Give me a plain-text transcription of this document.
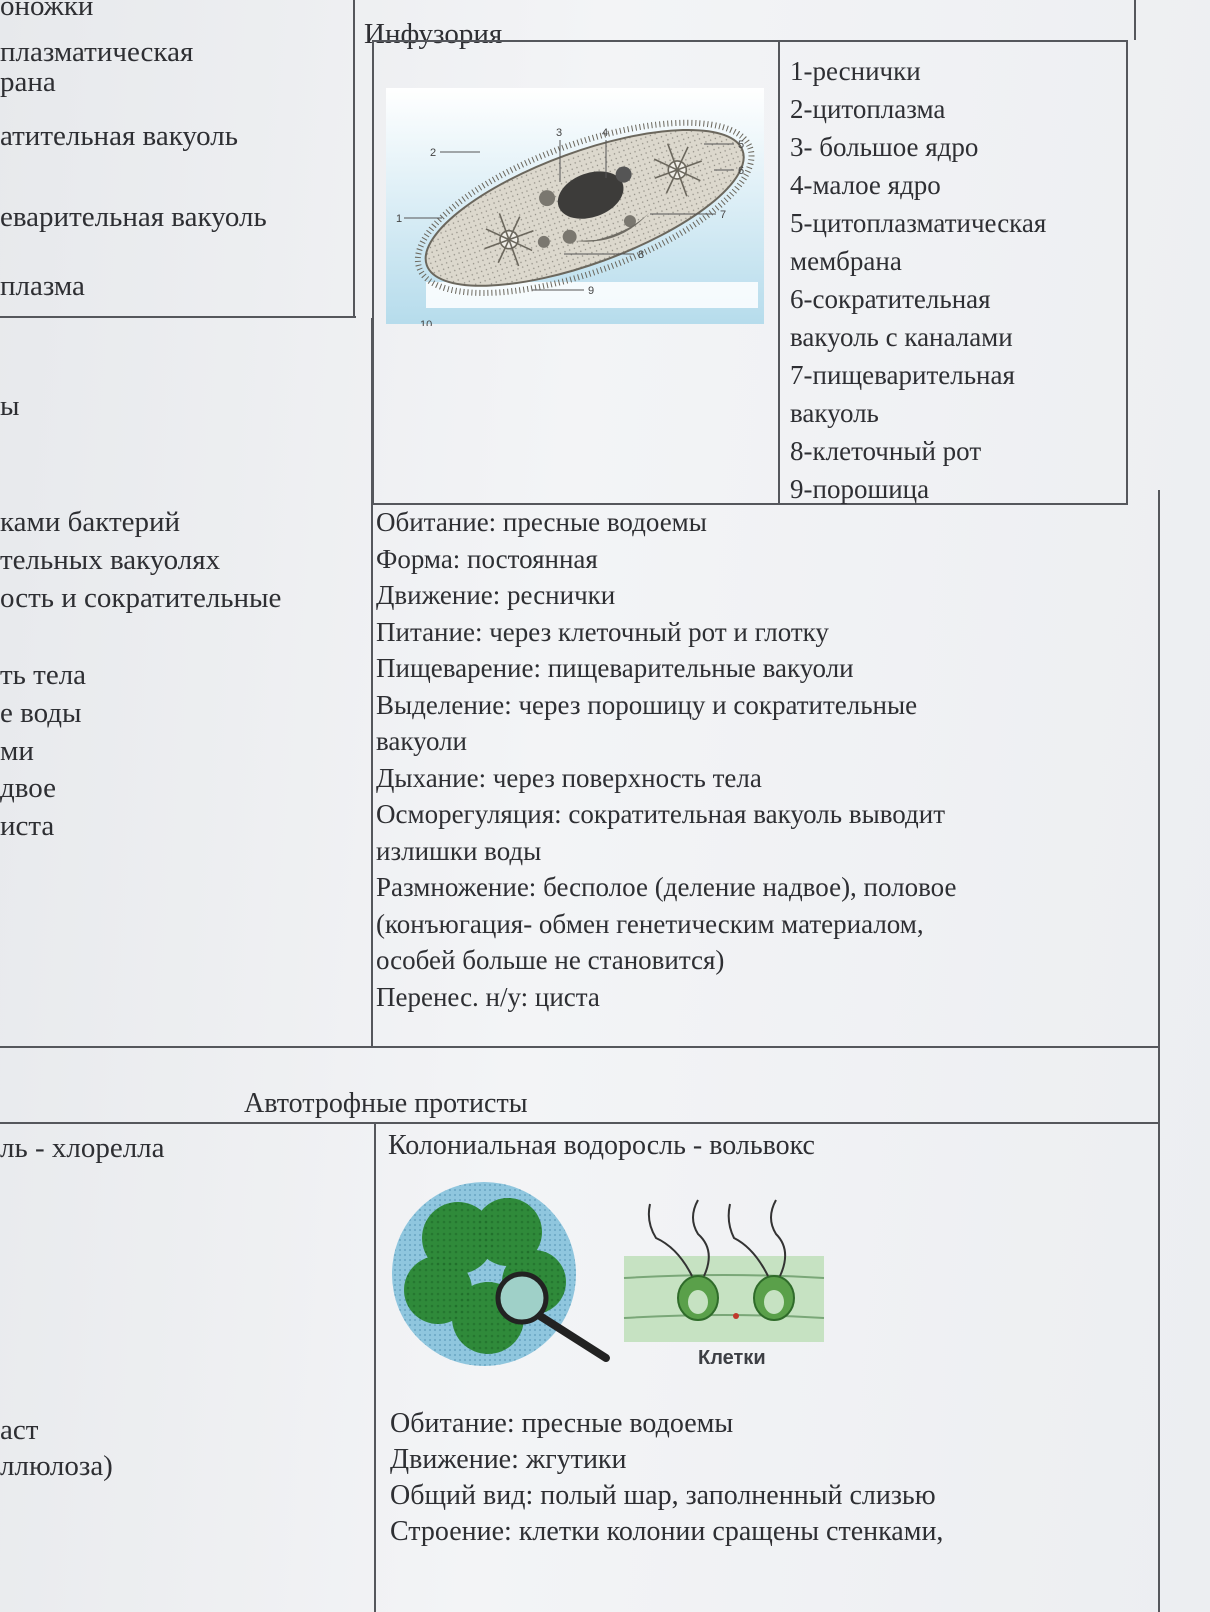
оножки
плазматическая
рана
атительная вакуоль
еварительная вакуоль
плазма
ы
ками бактерий
тельных вакуолях
ость и сократительные
ть тела
е воды
ми
двое
иста
ль - хлорелла
аст
ллюлоза)
Инфузория
1
2
3	4
5
6
7
8
9
10
1-реснички
2-цитоплазма
3- большое ядро
4-малое ядро
5-цитоплазматическая
мембрана
6-сократительная
вакуоль с каналами
7-пищеварительная
вакуоль
8-клеточный рот
9-порошица
Обитание: пресные водоемы
Форма: постоянная
Движение: реснички
Питание: через клеточный рот и глотку
Пищеварение: пищеварительные вакуоли
Выделение: через порошицу и сократительные
вакуоли
Дыхание: через поверхность тела
Осморегуляция: сократительная вакуоль выводит
излишки воды
Размножение: бесполое (деление надвое), половое
(конъюгация- обмен генетическим материалом,
особей больше не становится)
Перенес. н/у: циста
Автотрофные протисты
Колониальная водоросль - вольвокс
Клетки
Обитание: пресные водоемы
Движение: жгутики
Общий вид: полый шар, заполненный слизью
Строение: клетки колонии сращены стенками,
